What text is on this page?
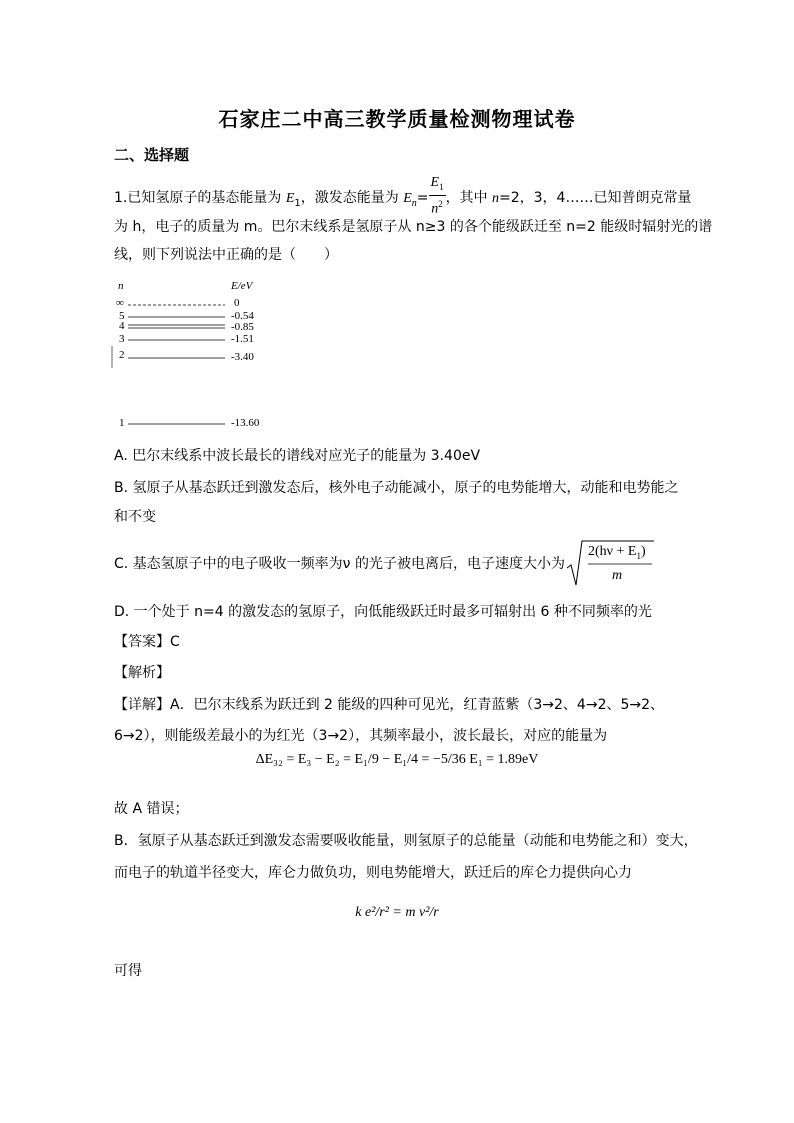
石家庄二中高三教学质量检测物理试卷
二、选择题
1.已知氢原子的基态能量为 $E_1$，激发态能量为 $E_n= \frac{E_1}{n^2}$ ，其中 n=2，3，4……已知普朗克常量
为 h，电子的质量为 m。巴尔末线系是氢原子从 n≥3 的各个能级跃迁至 n=2 能级时辐射光的谱
线，则下列说法中正确的是（　　）
n	E/eV
∞	0
5	-0.54
4	-0.85
3	-1.51
2	-3.40
1	-13.60
A. 巴尔末线系中波长最长的谱线对应光子的能量为 3.40eV
B. 氢原子从基态跃迁到激发态后，核外电子动能减小，原子的电势能增大，动能和电势能之
和不变
C. 基态氢原子中的电子吸收一频率为ν 的光子被电离后，电子速度大小为
$2(h\nu + E_1)$
m
D. 一个处于 n=4 的激发态的氢原子，向低能级跃迁时最多可辐射出 6 种不同频率的光
【答案】C
【解析】
【详解】A．巴尔末线系为跃迁到 2 能级的四种可见光，红青蓝紫（3→2、4→2、5→2、
6→2），则能级差最小的为红光（3→2），其频率最小，波长最长，对应的能量为
ΔE₃₂ = E₃ − E₂ = E₁/9 − E₁/4 = −5/36 E₁ = 1.89eV
故 A 错误；
B．氢原子从基态跃迁到激发态需要吸收能量，则氢原子的总能量（动能和电势能之和）变大，
而电子的轨道半径变大，库仑力做负功，则电势能增大，跃迁后的库仑力提供向心力
k e²/r² = m v²/r
可得
